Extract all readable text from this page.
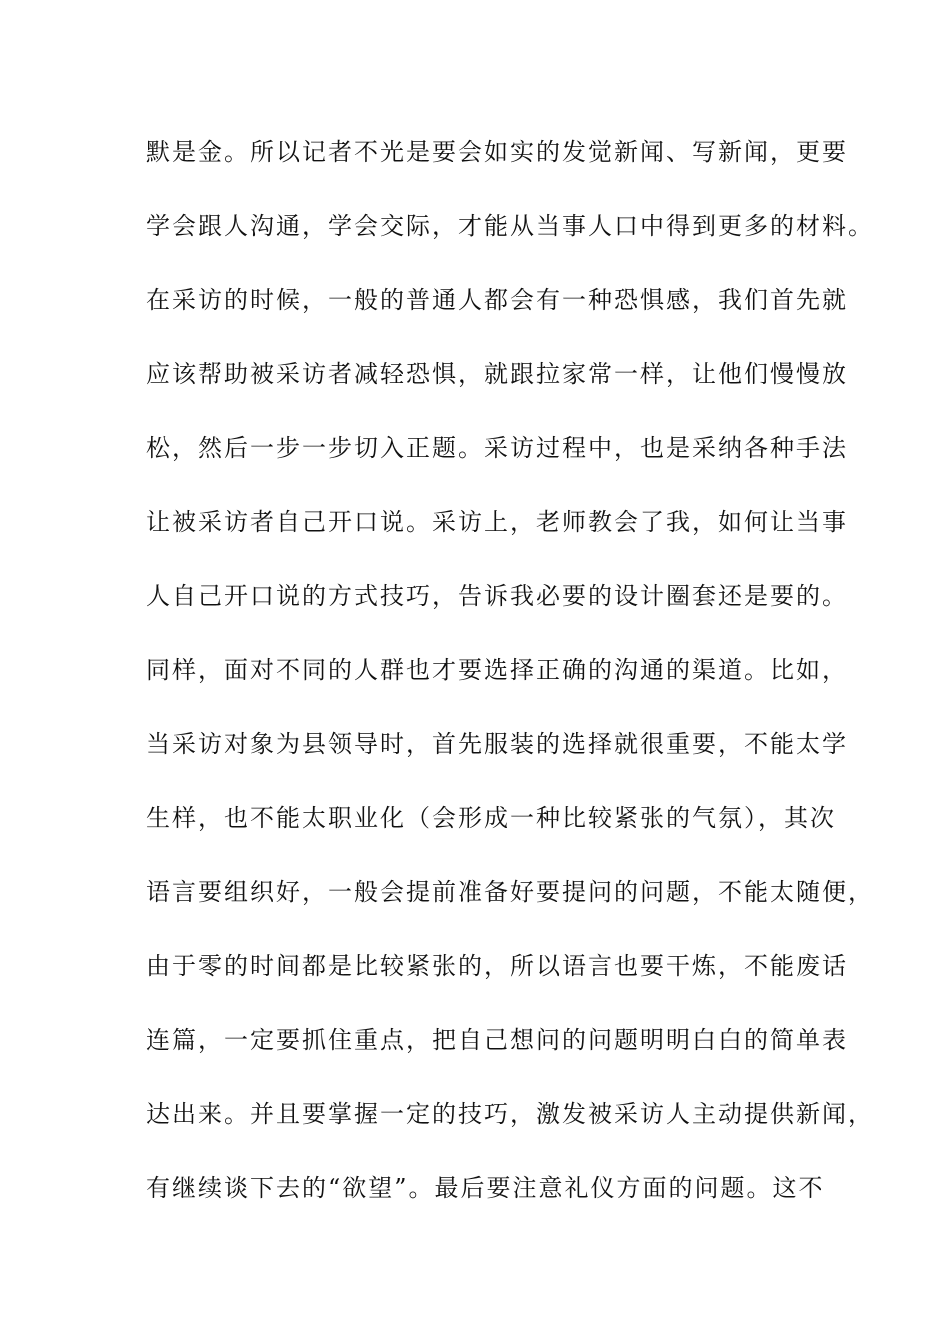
默是金。所以记者不光是要会如实的发觉新闻、写新闻，更要
学会跟人沟通，学会交际，才能从当事人口中得到更多的材料。
在采访的时候，一般的普通人都会有一种恐惧感，我们首先就
应该帮助被采访者减轻恐惧，就跟拉家常一样，让他们慢慢放
松，然后一步一步切入正题。采访过程中，也是采纳各种手法
让被采访者自己开口说。采访上，老师教会了我，如何让当事
人自己开口说的方式技巧，告诉我必要的设计圈套还是要的。
同样，面对不同的人群也才要选择正确的沟通的渠道。比如，
当采访对象为县领导时，首先服装的选择就很重要，不能太学
生样，也不能太职业化（会形成一种比较紧张的气氛），其次
语言要组织好，一般会提前准备好要提问的问题，不能太随便，
由于零的时间都是比较紧张的，所以语言也要干炼，不能废话
连篇，一定要抓住重点，把自己想问的问题明明白白的简单表
达出来。并且要掌握一定的技巧，激发被采访人主动提供新闻，
有继续谈下去的“欲望”。最后要注意礼仪方面的问题。这不
